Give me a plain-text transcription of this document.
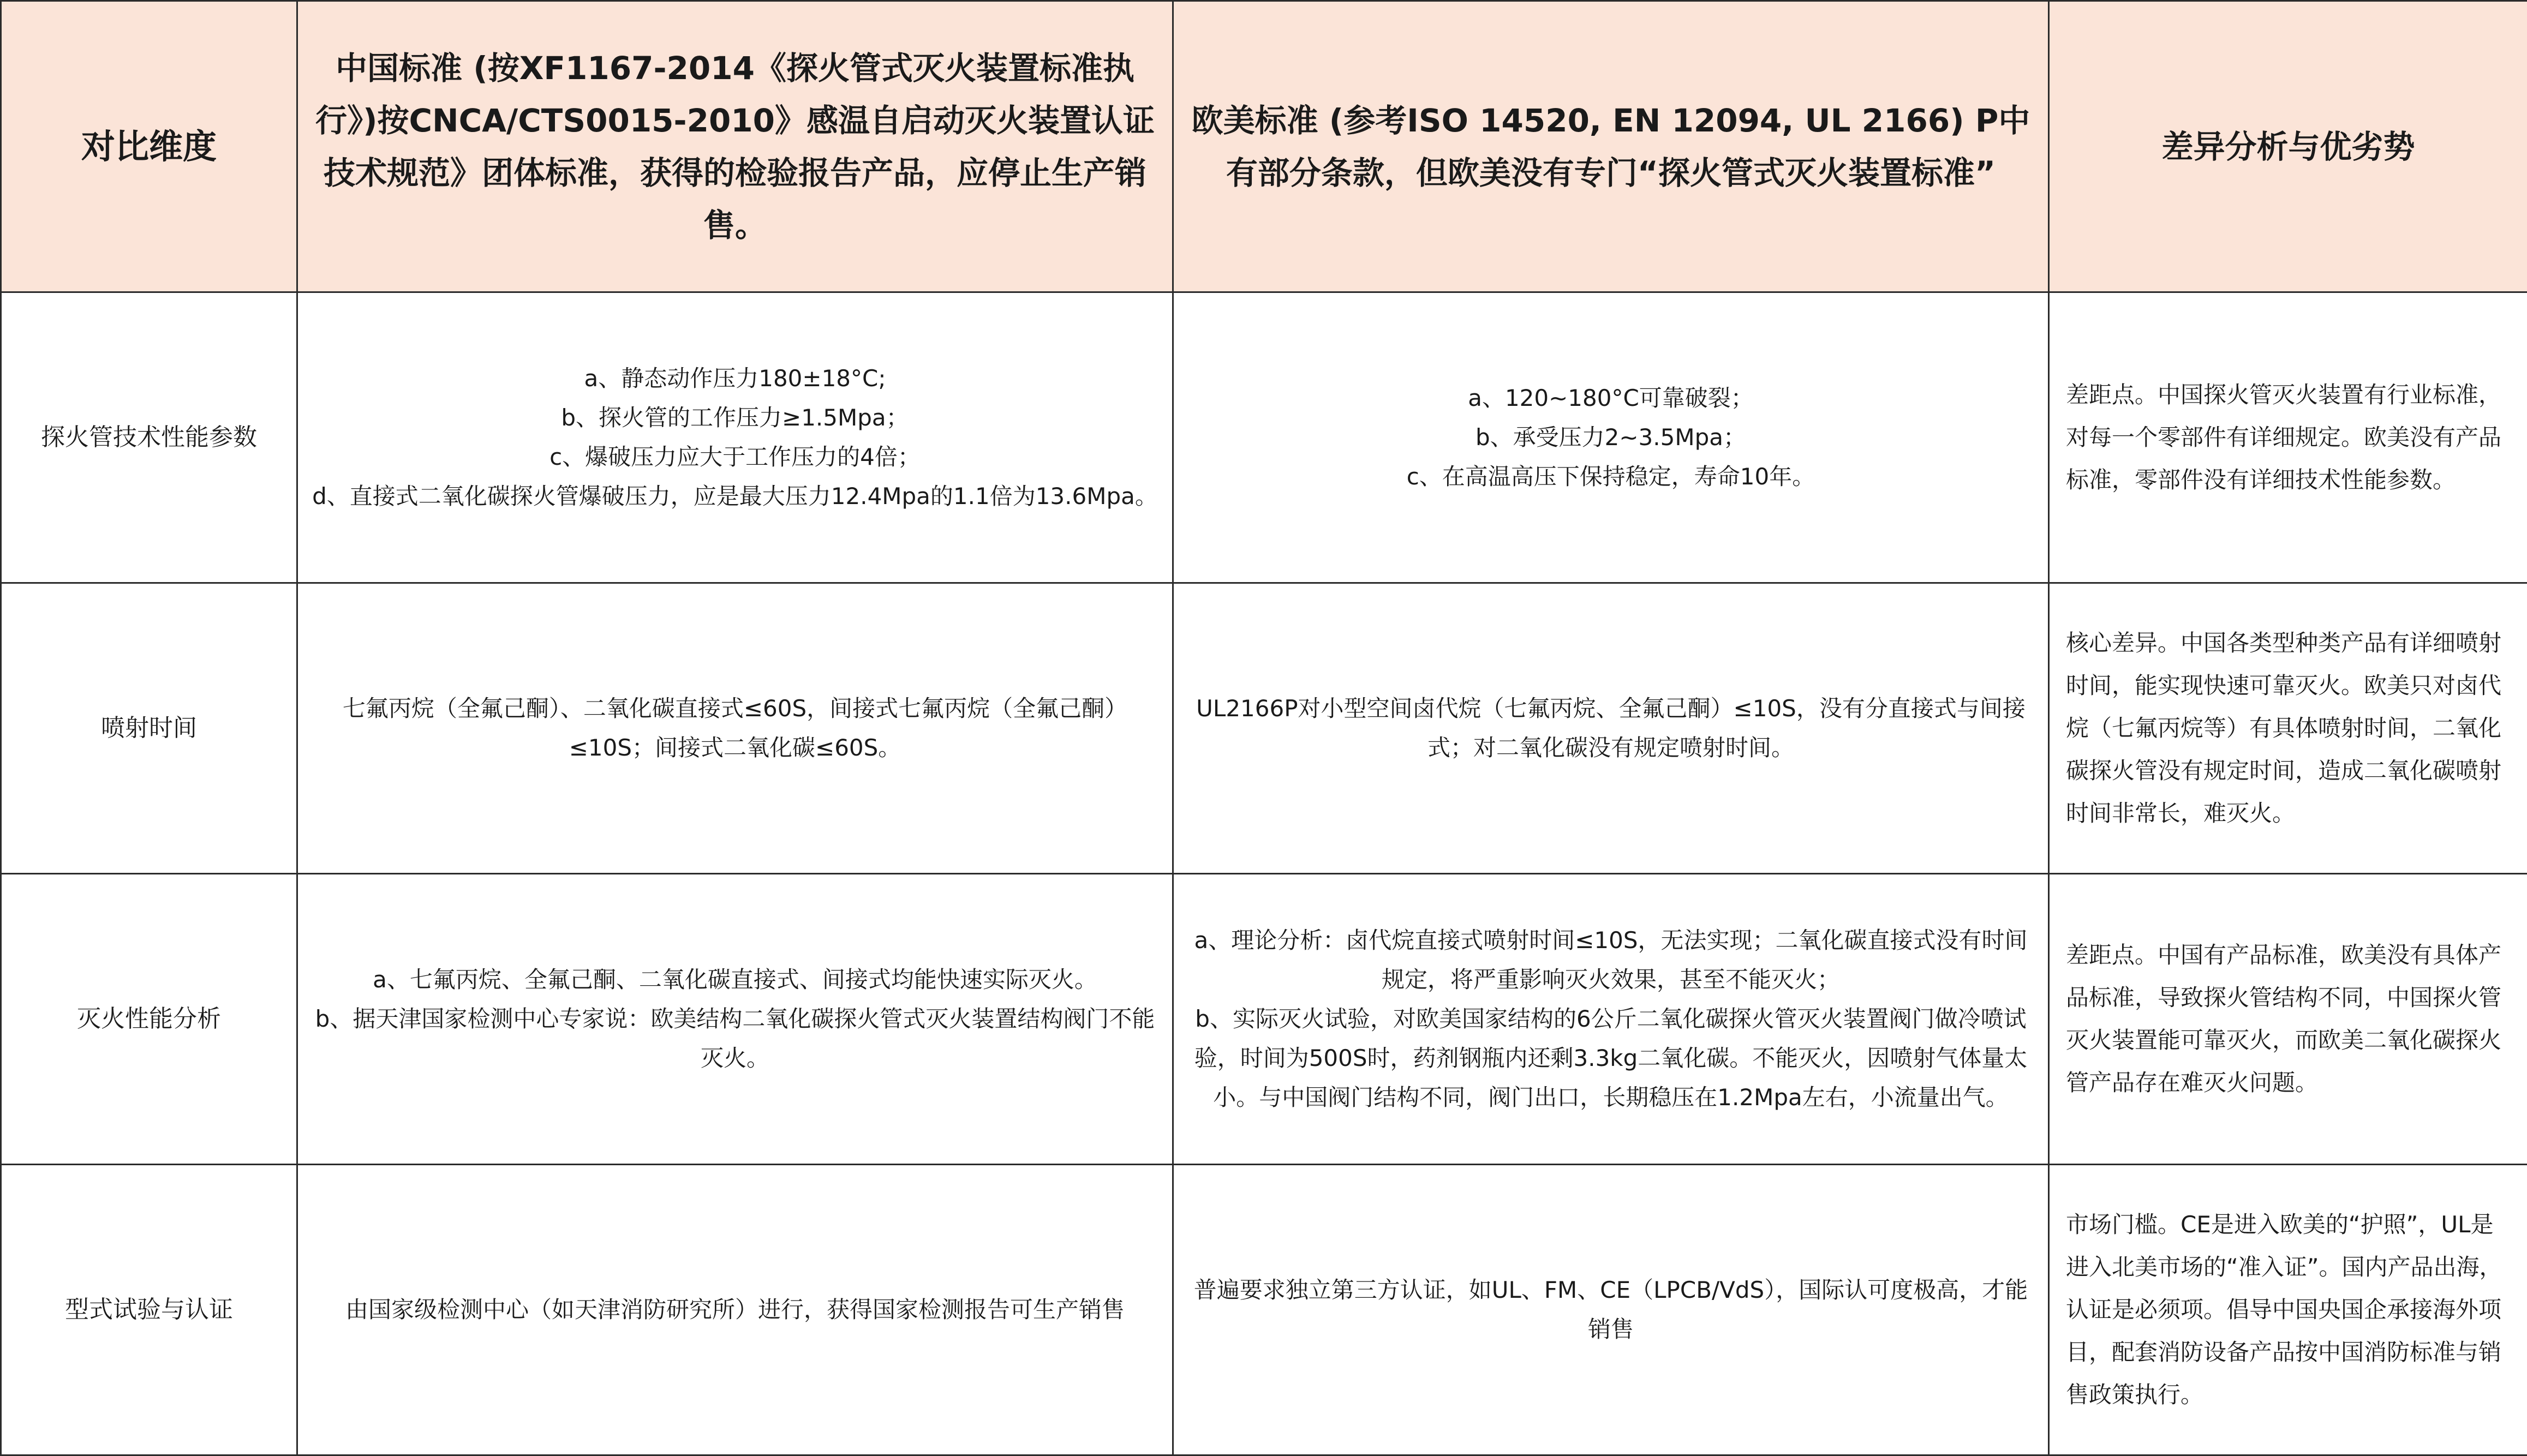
对比维度	中国标准 (按XF1167-2014《探火管式灭火装置标准执行》)按CNCA/CTS0015-2010》感温自启动灭火装置认证技术规范》团体标准，获得的检验报告产品，应停止生产销售。	欧美标准 (参考ISO 14520, EN 12094, UL 2166) P中有部分条款，但欧美没有专门“探火管式灭火装置标准”	差异分析与优劣势
探火管技术性能参数	a、静态动作压力180±18°C;
b、探火管的工作压力≥1.5Mpa；
c、爆破压力应大于工作压力的4倍；
d、直接式二氧化碳探火管爆破压力，应是最大压力12.4Mpa的1.1倍为13.6Mpa。	a、120~180°C可靠破裂；
b、承受压力2~3.5Mpa；
c、在高温高压下保持稳定，寿命10年。	差距点。中国探火管灭火装置有行业标准，对每一个零部件有详细规定。欧美没有产品标准，零部件没有详细技术性能参数。
喷射时间	七氟丙烷（全氟己酮）、二氧化碳直接式≤60S，间接式七氟丙烷（全氟己酮）≤10S；间接式二氧化碳≤60S。	UL2166P对小型空间卤代烷（七氟丙烷、全氟己酮）≤10S，没有分直接式与间接式；对二氧化碳没有规定喷射时间。	核心差异。中国各类型种类产品有详细喷射时间，能实现快速可靠灭火。欧美只对卤代烷（七氟丙烷等）有具体喷射时间，二氧化碳探火管没有规定时间，造成二氧化碳喷射时间非常长，难灭火。
灭火性能分析	a、七氟丙烷、全氟己酮、二氧化碳直接式、间接式均能快速实际灭火。
b、据天津国家检测中心专家说：欧美结构二氧化碳探火管式灭火装置结构阀门不能灭火。	a、理论分析：卤代烷直接式喷射时间≤10S，无法实现；二氧化碳直接式没有时间规定，将严重影响灭火效果，甚至不能灭火；
b、实际灭火试验，对欧美国家结构的6公斤二氧化碳探火管灭火装置阀门做冷喷试验，时间为500S时，药剂钢瓶内还剩3.3kg二氧化碳。不能灭火，因喷射气体量太小。与中国阀门结构不同，阀门出口，长期稳压在1.2Mpa左右，小流量出气。	差距点。中国有产品标准，欧美没有具体产品标准，导致探火管结构不同，中国探火管灭火装置能可靠灭火，而欧美二氧化碳探火管产品存在难灭火问题。
型式试验与认证	由国家级检测中心（如天津消防研究所）进行，获得国家检测报告可生产销售	普遍要求独立第三方认证，如UL、FM、CE（LPCB/VdS），国际认可度极高，才能销售	市场门槛。CE是进入欧美的“护照”，UL是进入北美市场的“准入证”。国内产品出海，认证是必须项。倡导中国央国企承接海外项目，配套消防设备产品按中国消防标准与销售政策执行。
